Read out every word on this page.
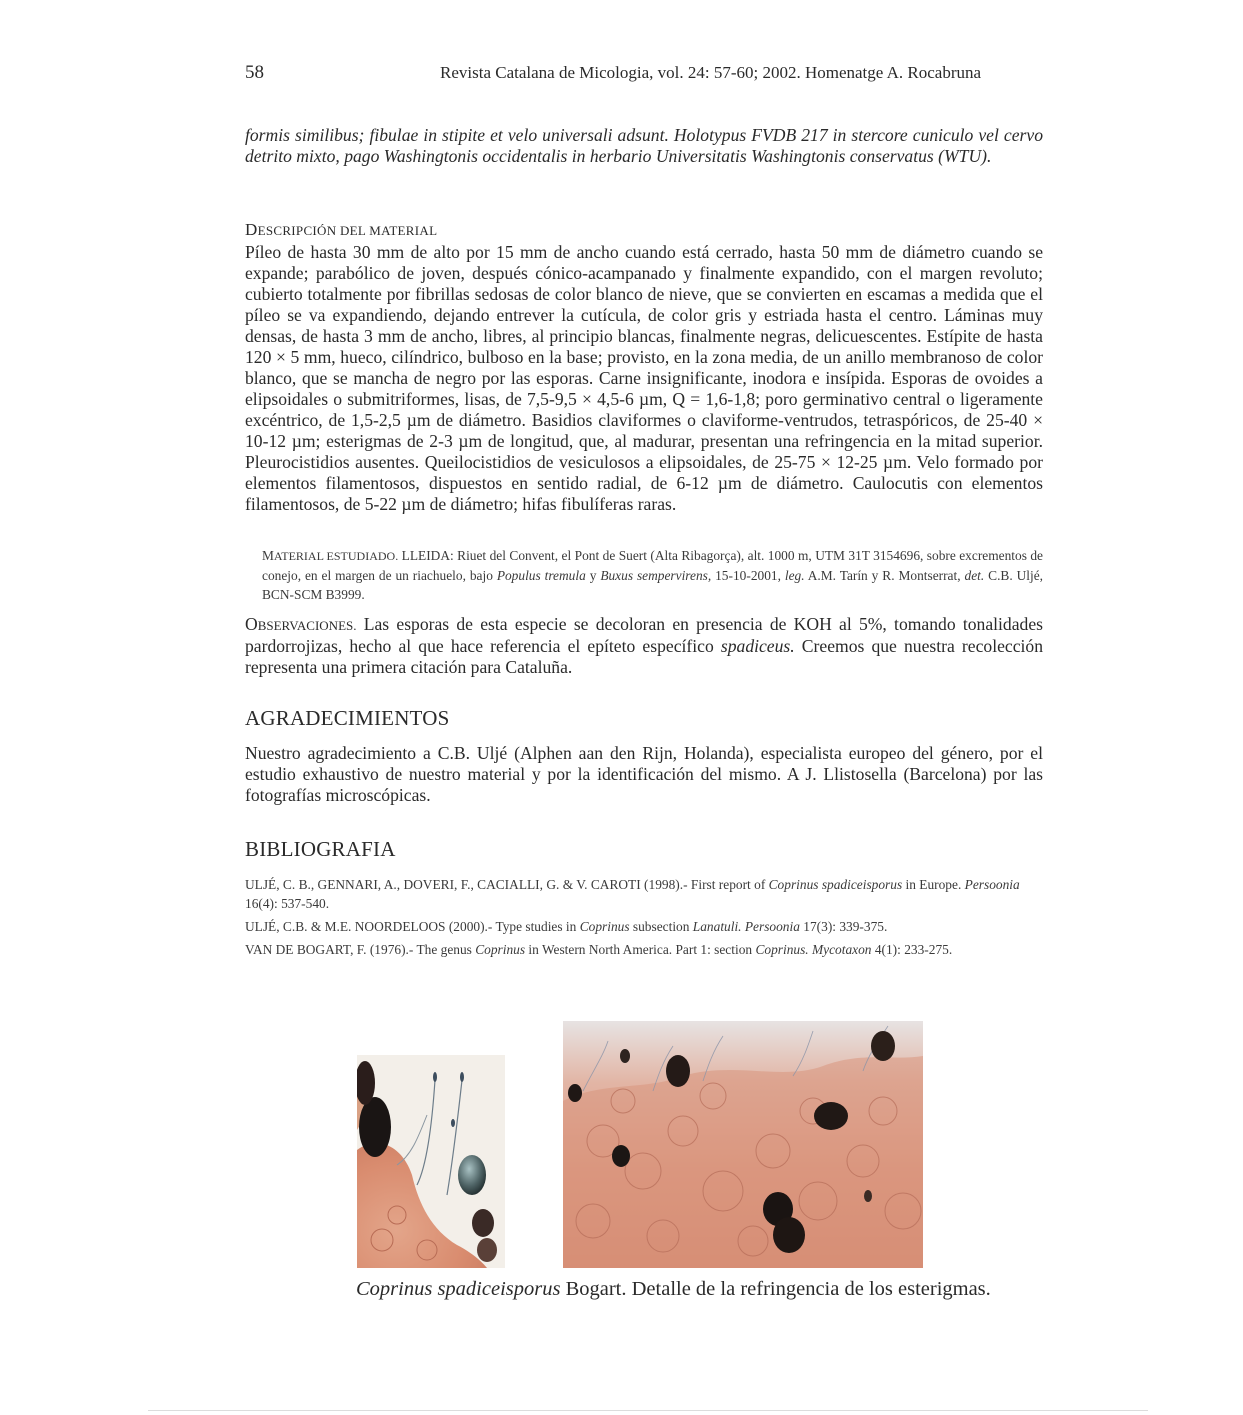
58	Revista Catalana de Micologia, vol. 24: 57-60; 2002. Homenatge A. Rocabruna
formis similibus; fibulae in stipite et velo universali adsunt. Holotypus FVDB 217 in stercore cuniculo vel cervo detrito mixto, pago Washingtonis occidentalis in herbario Universitatis Washingtonis conservatus (WTU).
DESCRIPCIÓN DEL MATERIAL
Píleo de hasta 30 mm de alto por 15 mm de ancho cuando está cerrado, hasta 50 mm de diámetro cuando se expande; parabólico de joven, después cónico-acampanado y finalmente expandido, con el margen revoluto; cubierto totalmente por fibrillas sedosas de color blanco de nieve, que se convierten en escamas a medida que el píleo se va expandiendo, dejando entrever la cutícula, de color gris y estriada hasta el centro. Láminas muy densas, de hasta 3 mm de ancho, libres, al principio blancas, finalmente negras, delicuescentes. Estípite de hasta 120 × 5 mm, hueco, cilíndrico, bulboso en la base; provisto, en la zona media, de un anillo membranoso de color blanco, que se mancha de negro por las esporas. Carne insignificante, inodora e insípida. Esporas de ovoides a elipsoidales o submitriformes, lisas, de 7,5-9,5 × 4,5-6 µm, Q = 1,6-1,8; poro germinativo central o ligeramente excéntrico, de 1,5-2,5 µm de diámetro. Basidios claviformes o claviforme-ventrudos, tetraspóricos, de 25-40 × 10-12 µm; esterigmas de 2-3 µm de longitud, que, al madurar, presentan una refringencia en la mitad superior. Pleurocistidios ausentes. Queilocistidios de vesiculosos a elipsoidales, de 25-75 × 12-25 µm. Velo formado por elementos filamentosos, dispuestos en sentido radial, de 6-12 µm de diámetro. Caulocutis con elementos filamentosos, de 5-22 µm de diámetro; hifas fibulíferas raras.
MATERIAL ESTUDIADO. LLEIDA: Riuet del Convent, el Pont de Suert (Alta Ribagorça), alt. 1000 m, UTM 31T 3154696, sobre excrementos de conejo, en el margen de un riachuelo, bajo Populus tremula y Buxus sempervirens, 15-10-2001, leg. A.M. Tarín y R. Montserrat, det. C.B. Uljé, BCN-SCM B3999.
OBSERVACIONES. Las esporas de esta especie se decoloran en presencia de KOH al 5%, tomando tonalidades pardorrojizas, hecho al que hace referencia el epíteto específico spadiceus. Creemos que nuestra recolección representa una primera citación para Cataluña.
AGRADECIMIENTOS
Nuestro agradecimiento a C.B. Uljé (Alphen aan den Rijn, Holanda), especialista europeo del género, por el estudio exhaustivo de nuestro material y por la identificación del mismo. A J. Llistosella (Barcelona) por las fotografías microscópicas.
BIBLIOGRAFIA
ULJÉ, C. B., GENNARI, A., DOVERI, F., CACIALLI, G. & V. CAROTI (1998).- First report of Coprinus spadiceisporus in Europe. Persoonia 16(4): 537-540.
ULJÉ, C.B. & M.E. NOORDELOOS (2000).- Type studies in Coprinus subsection Lanatuli. Persoonia 17(3): 339-375.
VAN DE BOGART, F. (1976).- The genus Coprinus in Western North America. Part 1: section Coprinus. Mycotaxon 4(1): 233-275.
Coprinus spadiceisporus Bogart. Detalle de la refringencia de los esterigmas.
